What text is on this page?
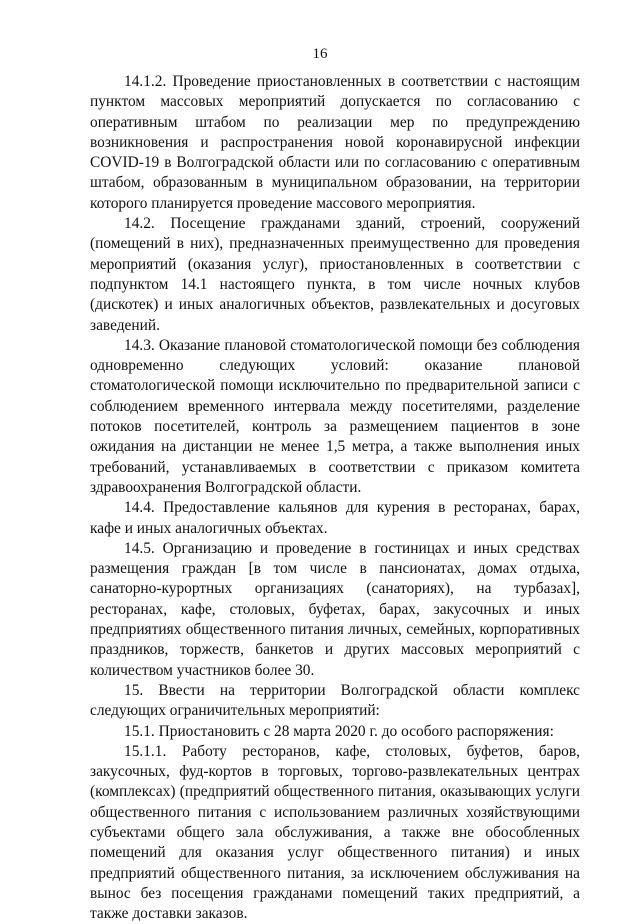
16

14.1.2. Проведение приостановленных в соответствии с настоящим пунктом массовых мероприятий допускается по согласованию с оперативным штабом по реализации мер по предупреждению возникновения и распространения новой коронавирусной инфекции COVID-19 в Волгоградской области или по согласованию с оперативным штабом, образованным в муниципальном образовании, на территории которого планируется проведение массового мероприятия.

14.2. Посещение гражданами зданий, строений, сооружений (помещений в них), предназначенных преимущественно для проведения мероприятий (оказания услуг), приостановленных в соответствии с подпунктом 14.1 настоящего пункта, в том числе ночных клубов (дискотек) и иных аналогичных объектов, развлекательных и досуговых заведений.

14.3. Оказание плановой стоматологической помощи без соблюдения одновременно следующих условий: оказание плановой стоматологической помощи исключительно по предварительной записи с соблюдением временного интервала между посетителями, разделение потоков посетителей, контроль за размещением пациентов в зоне ожидания на дистанции не менее 1,5 метра, а также выполнения иных требований, устанавливаемых в соответствии с приказом комитета здравоохранения Волгоградской области.

14.4. Предоставление кальянов для курения в ресторанах, барах, кафе и иных аналогичных объектах.

14.5. Организацию и проведение в гостиницах и иных средствах размещения граждан [в том числе в пансионатах, домах отдыха, санаторно-курортных организациях (санаториях), на турбазах], ресторанах, кафе, столовых, буфетах, барах, закусочных и иных предприятиях общественного питания личных, семейных, корпоративных праздников, торжеств, банкетов и других массовых мероприятий с количеством участников более 30.

15. Ввести на территории Волгоградской области комплекс следующих ограничительных мероприятий:

15.1. Приостановить с 28 марта 2020 г. до особого распоряжения:

15.1.1. Работу ресторанов, кафе, столовых, буфетов, баров, закусочных, фуд-кортов в торговых, торгово-развлекательных центрах (комплексах) (предприятий общественного питания, оказывающих услуги общественного питания с использованием различных хозяйствующими субъектами общего зала обслуживания, а также вне обособленных помещений для оказания услуг общественного питания) и иных предприятий общественного питания, за исключением обслуживания на вынос без посещения гражданами помещений таких предприятий, а также доставки заказов.
